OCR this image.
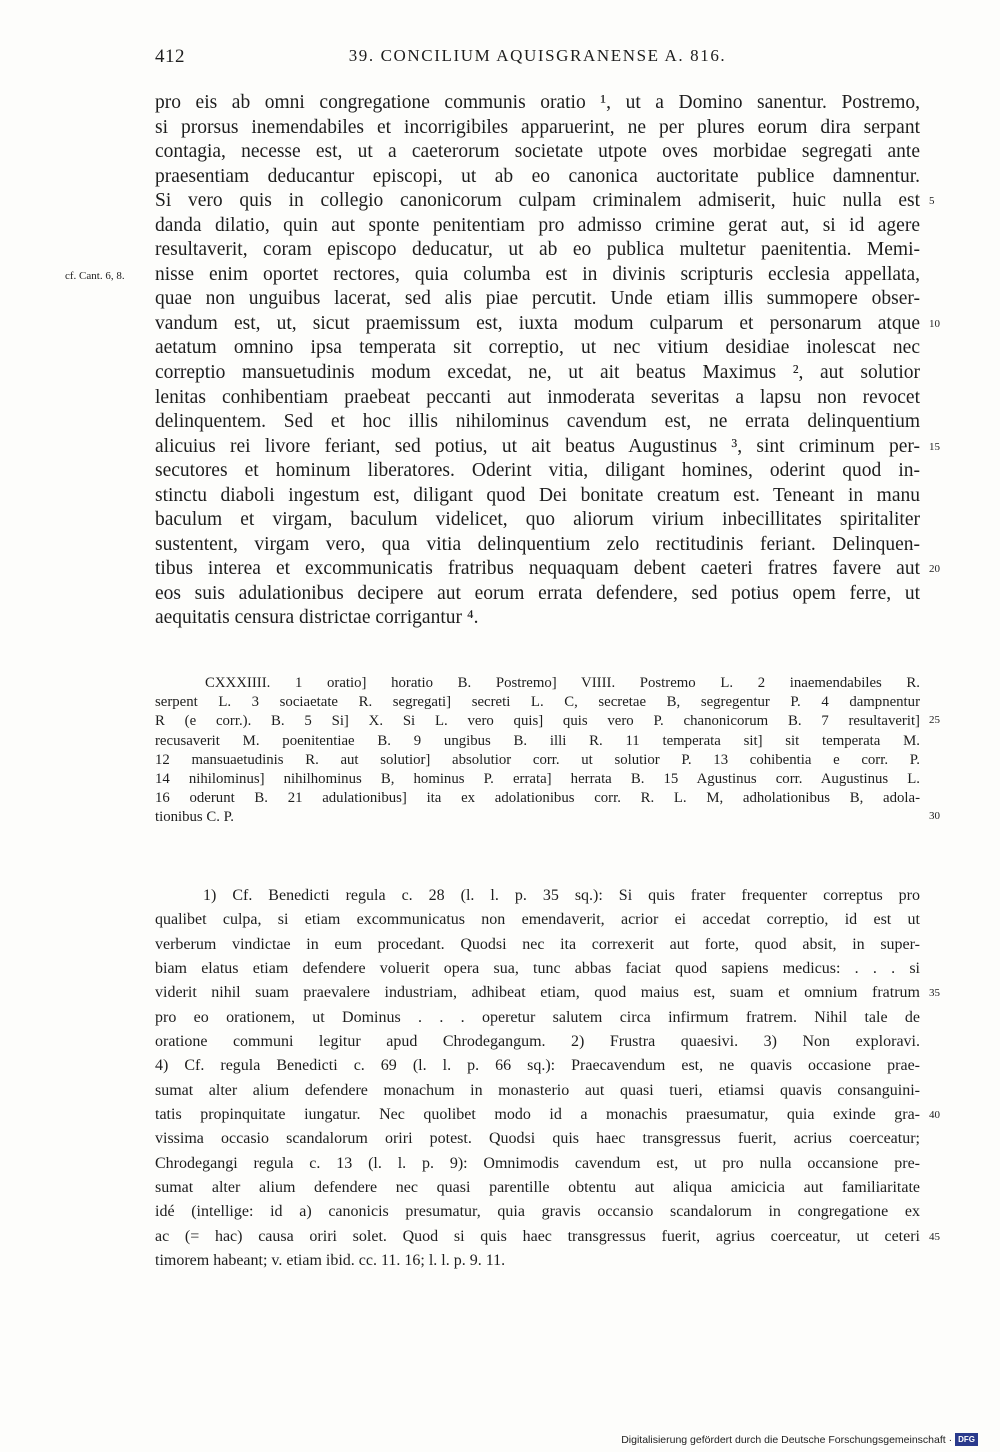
412	39. CONCILIUM AQUISGRANENSE A. 816.
pro eis ab omni congregatione communis oratio ¹, ut a Domino sanentur. Postremo,
si prorsus inemendabiles et incorrigibiles apparuerint, ne per plures eorum dira serpant
contagia, necesse est, ut a caeterorum societate utpote oves morbidae segregati ante
praesentiam deducantur episcopi, ut ab eo canonica auctoritate publice damnentur.
Si vero quis in collegio canonicorum culpam criminalem admiserit, huic nulla est 5
danda dilatio, quin aut sponte penitentiam pro admisso crimine gerat aut, si id agere
resultaverit, coram episcopo deducatur, ut ab eo publica multetur paenitentia. Memi-
nisse enim oportet rectores, quia columba est in divinis scripturis ecclesia appellata,
cf. Cant. 6, 8.
quae non unguibus lacerat, sed alis piae percutit. Unde etiam illis summopere obser-
vandum est, ut, sicut praemissum est, iuxta modum culparum et personarum atque 10
aetatum omnino ipsa temperata sit correptio, ut nec vitium desidiae inolescat nec
correptio mansuetudinis modum excedat, ne, ut ait beatus Maximus ², aut solutior
lenitas conhibentiam praebeat peccanti aut inmoderata severitas a lapsu non revocet
delinquentem. Sed et hoc illis nihilominus cavendum est, ne errata delinquentium
alicuius rei livore feriant, sed potius, ut ait beatus Augustinus ³, sint criminum per- 15
secutores et hominum liberatores. Oderint vitia, diligant homines, oderint quod in-
stinctu diaboli ingestum est, diligant quod Dei bonitate creatum est. Teneant in manu
baculum et virgam, baculum videlicet, quo aliorum virium inbecillitates spiritaliter
sustentent, virgam vero, qua vitia delinquentium zelo rectitudinis feriant. Delinquen-
tibus interea et excommunicatis fratribus nequaquam debent caeteri fratres favere aut 20
eos suis adulationibus decipere aut eorum errata defendere, sed potius opem ferre, ut
aequitatis censura districtae corrigantur ⁴.
CXXXIIII. 1 oratio] horatio B. Postremo] VIIII. Postremo L. 2 inaemendabiles R.
serpent L. 3 sociaetate R. segregati] secreti L. C, secretae B, segregentur P. 4 dampnentur
R (e corr.). B. 5 Si] X. Si L. vero quis] quis vero P. chanonicorum B. 7 resultaverit] 25
recusaverit M. poenitentiae B. 9 ungibus B. illi R. 11 temperata sit] sit temperata M.
12 mansuaetudinis R. aut solutior] absolutior corr. ut solutior P. 13 cohibentia e corr. P.
14 nihilominus] nihilhominus B, hominus P. errata] herrata B. 15 Agustinus corr. Augustinus L.
16 oderunt B. 21 adulationibus] ita ex adolationibus corr. R. L. M, adholationibus B, adola-
tionibus C. P.	30
1) Cf. Benedicti regula c. 28 (l. l. p. 35 sq.): Si quis frater frequenter correptus pro
qualibet culpa, si etiam excommunicatus non emendaverit, acrior ei accedat correptio, id est ut
verberum vindictae in eum procedant. Quodsi nec ita correxerit aut forte, quod absit, in super-
biam elatus etiam defendere voluerit opera sua, tunc abbas faciat quod sapiens medicus: . . . si
viderit nihil suam praevalere industriam, adhibeat etiam, quod maius est, suam et omnium fratrum 35
pro eo orationem, ut Dominus . . . operetur salutem circa infirmum fratrem. Nihil tale de
oratione communi legitur apud Chrodegangum. 2) Frustra quaesivi. 3) Non exploravi.
4) Cf. regula Benedicti c. 69 (l. l. p. 66 sq.): Praecavendum est, ne quavis occasione prae-
sumat alter alium defendere monachum in monasterio aut quasi tueri, etiamsi quavis consanguini-
tatis propinquitate iungatur. Nec quolibet modo id a monachis praesumatur, quia exinde gra- 40
vissima occasio scandalorum oriri potest. Quodsi quis haec transgressus fuerit, acrius coerceatur;
Chrodegangi regula c. 13 (l. l. p. 9): Omnimodis cavendum est, ut pro nulla occansione pre-
sumat alter alium defendere nec quasi parentille obtentu aut aliqua amicicia aut familiaritate
idé (intellige: id a) canonicis presumatur, quia gravis occansio scandalorum in congregatione ex
ac (= hac) causa oriri solet. Quod si quis haec transgressus fuerit, agrius coerceatur, ut ceteri 45
timorem habeant; v. etiam ibid. cc. 11. 16; l. l. p. 9. 11.
Digitalisierung gefördert durch die Deutsche Forschungsgemeinschaft · DFG
